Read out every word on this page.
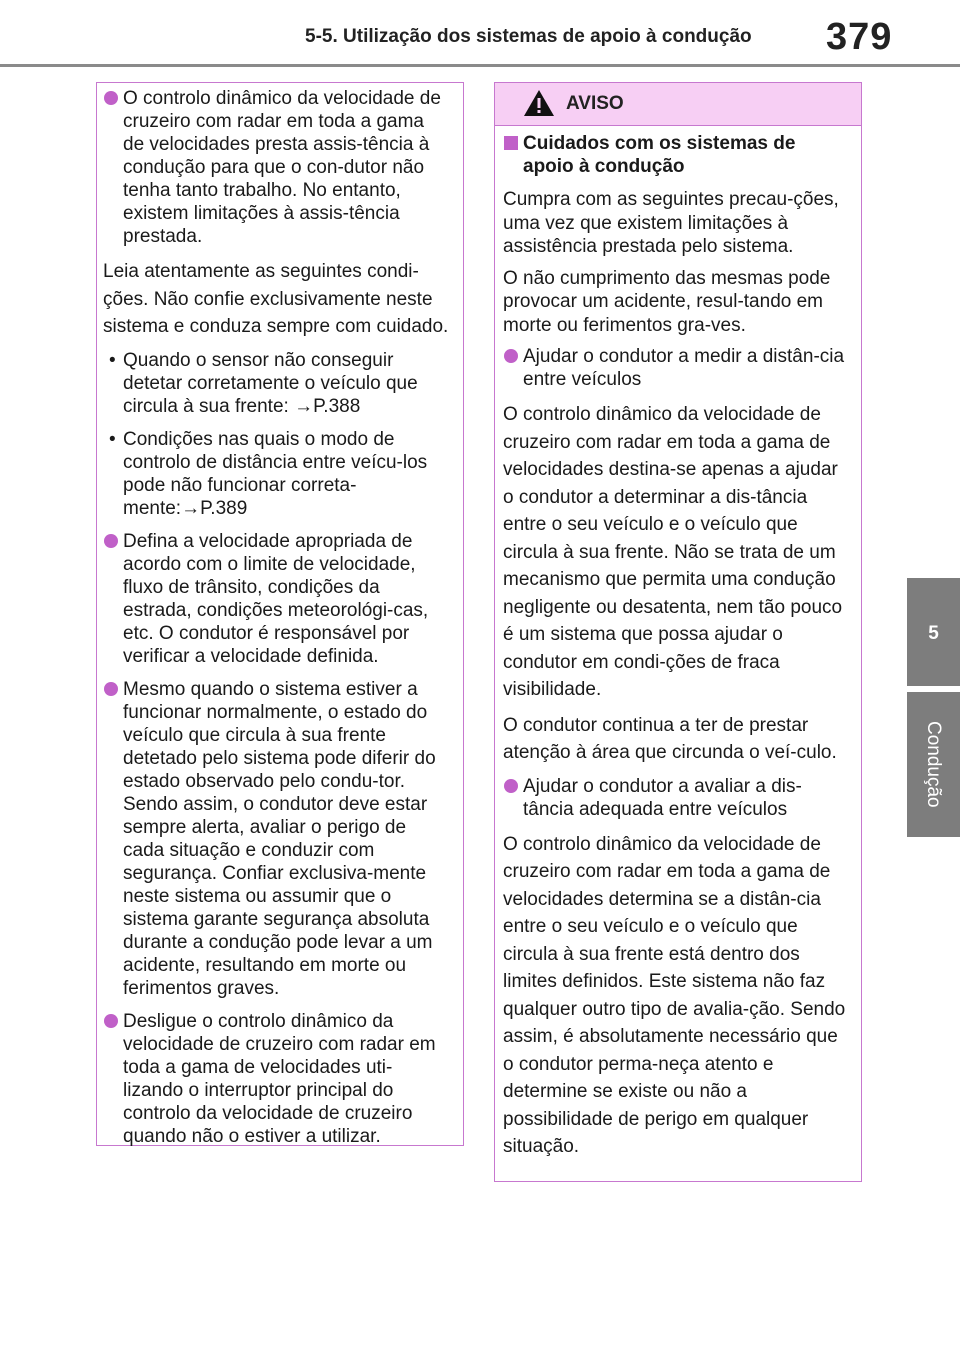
5-5. Utilização dos sistemas de apoio à condução 379
5
Condução
O controlo dinâmico da velocidade de cruzeiro com radar em toda a gama de velocidades presta assis-tência à condução para que o con-dutor não tenha tanto trabalho. No entanto, existem limitações à assis-tência prestada.
Leia atentamente as seguintes condi-ções. Não confie exclusivamente neste sistema e conduza sempre com cuidado.
• Quando o sensor não conseguir detetar corretamente o veículo que circula à sua frente: →P.388
• Condições nas quais o modo de controlo de distância entre veícu-los pode não funcionar correta-mente:→P.389
Defina a velocidade apropriada de acordo com o limite de velocidade, fluxo de trânsito, condições da estrada, condições meteorológi-cas, etc. O condutor é responsável por verificar a velocidade definida.
Mesmo quando o sistema estiver a funcionar normalmente, o estado do veículo que circula à sua frente detetado pelo sistema pode diferir do estado observado pelo condu-tor. Sendo assim, o condutor deve estar sempre alerta, avaliar o perigo de cada situação e conduzir com segurança. Confiar exclusiva-mente neste sistema ou assumir que o sistema garante segurança absoluta durante a condução pode levar a um acidente, resultando em morte ou ferimentos graves.
Desligue o controlo dinâmico da velocidade de cruzeiro com radar em toda a gama de velocidades uti-lizando o interruptor principal do controlo da velocidade de cruzeiro quando não o estiver a utilizar.
AVISO
Cuidados com os sistemas de apoio à condução
Cumpra com as seguintes precau-ções, uma vez que existem limitações à assistência prestada pelo sistema.
O não cumprimento das mesmas pode provocar um acidente, resul-tando em morte ou ferimentos gra-ves.
Ajudar o condutor a medir a distân-cia entre veículos
O controlo dinâmico da velocidade de cruzeiro com radar em toda a gama de velocidades destina-se apenas a ajudar o condutor a determinar a dis-tância entre o seu veículo e o veículo que circula à sua frente. Não se trata de um mecanismo que permita uma condução negligente ou desatenta, nem tão pouco é um sistema que possa ajudar o condutor em condi-ções de fraca visibilidade.
O condutor continua a ter de prestar atenção à área que circunda o veí-culo.
Ajudar o condutor a avaliar a dis-tância adequada entre veículos
O controlo dinâmico da velocidade de cruzeiro com radar em toda a gama de velocidades determina se a distân-cia entre o seu veículo e o veículo que circula à sua frente está dentro dos limites definidos. Este sistema não faz qualquer outro tipo de avalia-ção. Sendo assim, é absolutamente necessário que o condutor perma-neça atento e determine se existe ou não a possibilidade de perigo em qualquer situação.
